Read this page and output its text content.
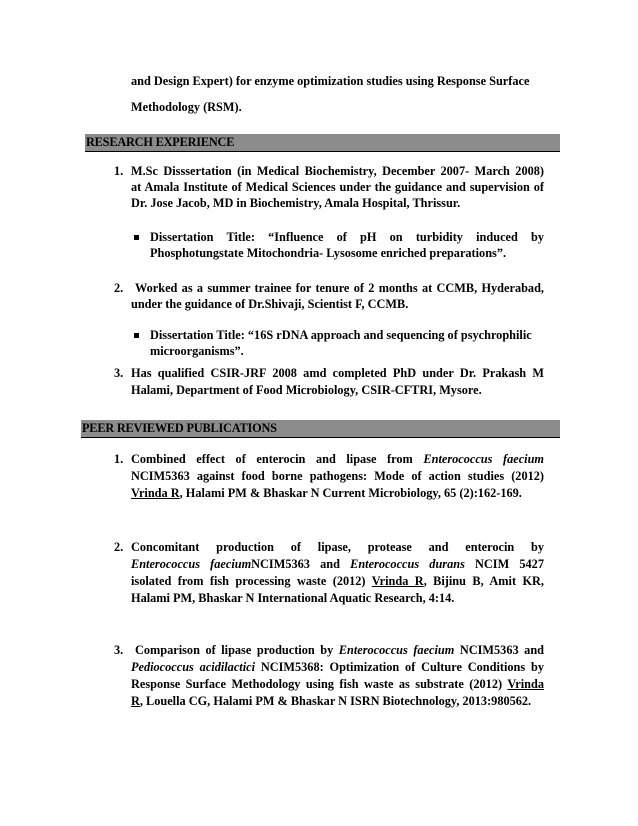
and Design Expert) for enzyme optimization studies using Response Surface
Methodology (RSM).
RESEARCH EXPERIENCE
1. M.Sc Disssertation (in Medical Biochemistry, December 2007- March 2008)
at Amala Institute of Medical Sciences under the guidance and supervision of
Dr. Jose Jacob, MD in Biochemistry, Amala Hospital, Thrissur.
Dissertation Title: “Influence of pH on turbidity induced by
Phosphotungstate Mitochondria- Lysosome enriched preparations”.
2. Worked as a summer trainee for tenure of 2 months at CCMB, Hyderabad,
under the guidance of Dr.Shivaji, Scientist F, CCMB.
Dissertation Title: “16S rDNA approach and sequencing of psychrophilic
microorganisms”.
3. Has qualified CSIR-JRF 2008 amd completed PhD under Dr. Prakash M
Halami, Department of Food Microbiology, CSIR-CFTRI, Mysore.
PEER REVIEWED PUBLICATIONS
1. Combined effect of enterocin and lipase from Enterococcus faecium
NCIM5363 against food borne pathogens: Mode of action studies (2012)
Vrinda R, Halami PM & Bhaskar N Current Microbiology, 65 (2):162-169.
2. Concomitant production of lipase, protease and enterocin by
Enterococcus faeciumNCIM5363 and Enterococcus durans NCIM 5427
isolated from fish processing waste (2012) Vrinda R, Bijinu B, Amit KR,
Halami PM, Bhaskar N International Aquatic Research, 4:14.
3. Comparison of lipase production by Enterococcus faecium NCIM5363 and
Pediococcus acidilactici NCIM5368: Optimization of Culture Conditions by
Response Surface Methodology using fish waste as substrate (2012) Vrinda
R, Louella CG, Halami PM & Bhaskar N ISRN Biotechnology, 2013:980562.
